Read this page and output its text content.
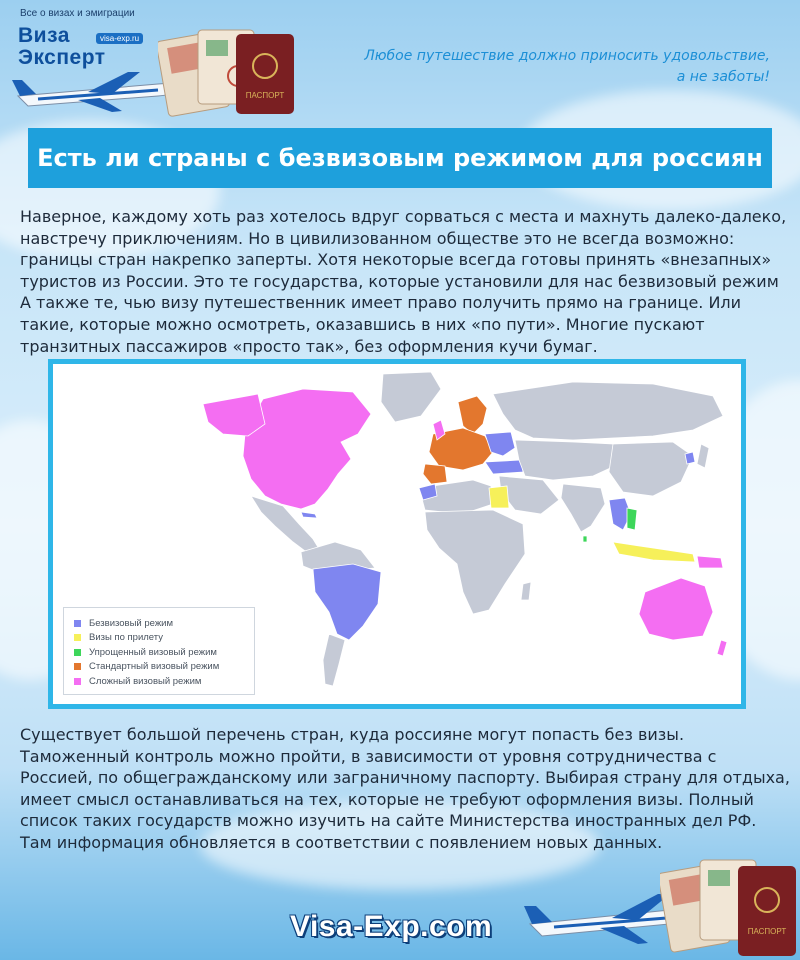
Все о визах и эмиграции
Виза
Эксперт
visa-exp.ru
ПАСПОРТ
Любое путешествие должно приносить удовольствие,
а не заботы!
Есть ли страны с безвизовым режимом для россиян

Наверное, каждому хоть раз хотелось вдруг сорваться с места и махнуть далеко-далеко, навстречу приключениям. Но в цивилизованном обществе это не всегда возможно: границы стран накрепко заперты. Хотя некоторые всегда готовы принять «внезапных» туристов из России. Это те государства, которые установили для нас безвизовый режим А также те, чью визу путешественник имеет право получить прямо на границе. Или такие, которые можно осмотреть, оказавшись в них «по пути». Многие пускают транзитных пассажиров «просто так», без оформления кучи бумаг.

Безвизовый режим
Визы по прилету
Упрощенный визовый режим
Стандартный визовый режим
Сложный визовый режим

Существует большой перечень стран, куда россияне могут попасть без визы. Таможенный контроль можно пройти, в зависимости от уровня сотрудничества с Россией, по общегражданскому или заграничному паспорту. Выбирая страну для отдыха, имеет смысл останавливаться на тех, которые не требуют оформления визы. Полный список таких государств можно изучить на сайте Министерства иностранных дел РФ. Там информация обновляется в соответствии с появлением новых данных.

Visa-Exp.com	ПАСПОРТ
